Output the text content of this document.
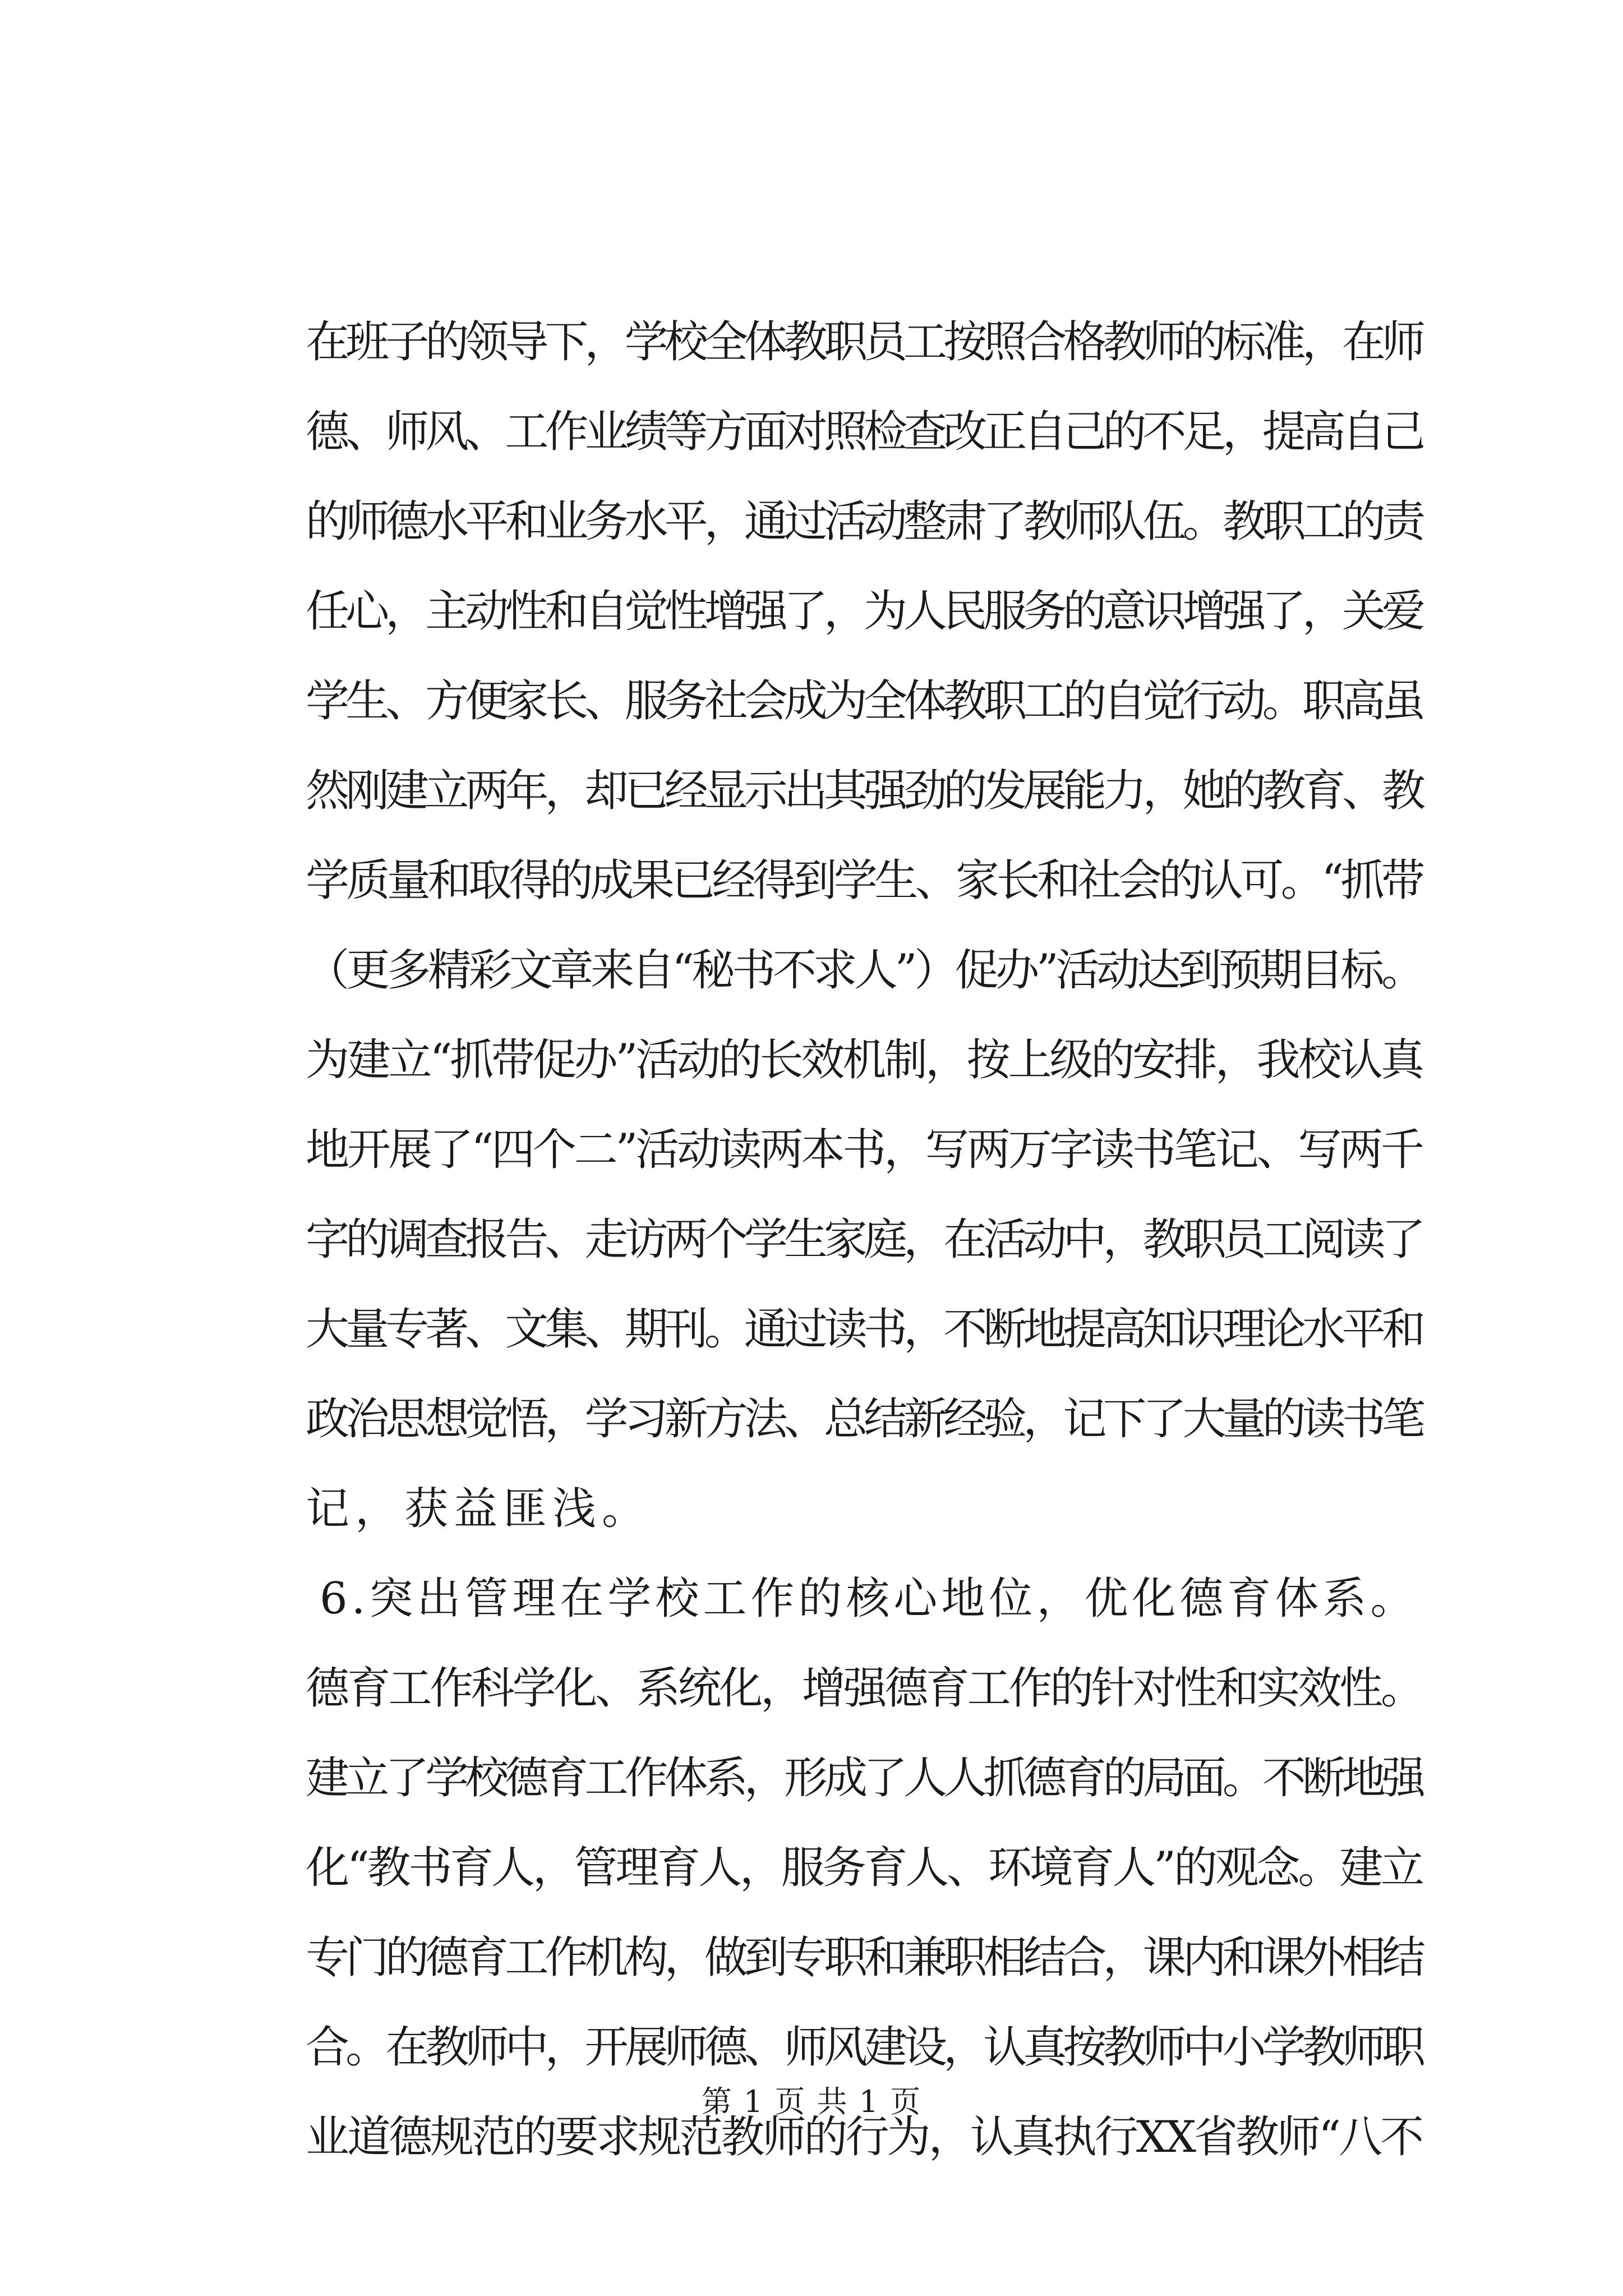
在班子的领导下，学校全体教职员工按照合格教师的标准，在师
德、师风、工作业绩等方面对照检查改正自己的不足，提高自己
的师德水平和业务水平，通过活动整肃了教师队伍。教职工的责
任心，主动性和自觉性增强了，为人民服务的意识增强了，关爱
学生、方便家长、服务社会成为全体教职工的自觉行动。职高虽
然刚建立两年，却已经显示出其强劲的发展能力，她的教育、教
学质量和取得的成果已经得到学生、家长和社会的认可。“抓带
（更多精彩文章来自“秘书不求人”）促办”活动达到预期目标。
为建立“抓带促办”活动的长效机制，按上级的安排，我校认真
地开展了“四个二”活动读两本书，写两万字读书笔记、写两千
字的调查报告、走访两个学生家庭，在活动中，教职员工阅读了
大量专著、文集、期刊。通过读书，不断地提高知识理论水平和
政治思想觉悟，学习新方法、总结新经验，记下了大量的读书笔
记，获益匪浅。
6.突出管理在学校工作的核心地位，优化德育体系。
德育工作科学化、系统化，增强德育工作的针对性和实效性。
建立了学校德育工作体系，形成了人人抓德育的局面。不断地强
化“教书育人，管理育人，服务育人、环境育人”的观念。建立
专门的德育工作机构，做到专职和兼职相结合，课内和课外相结
合。在教师中，开展师德、师风建设，认真按教师中小学教师职
业道德规范的要求规范教师的行为，认真执行XX省教师“八不
第 1 页 共 1 页
